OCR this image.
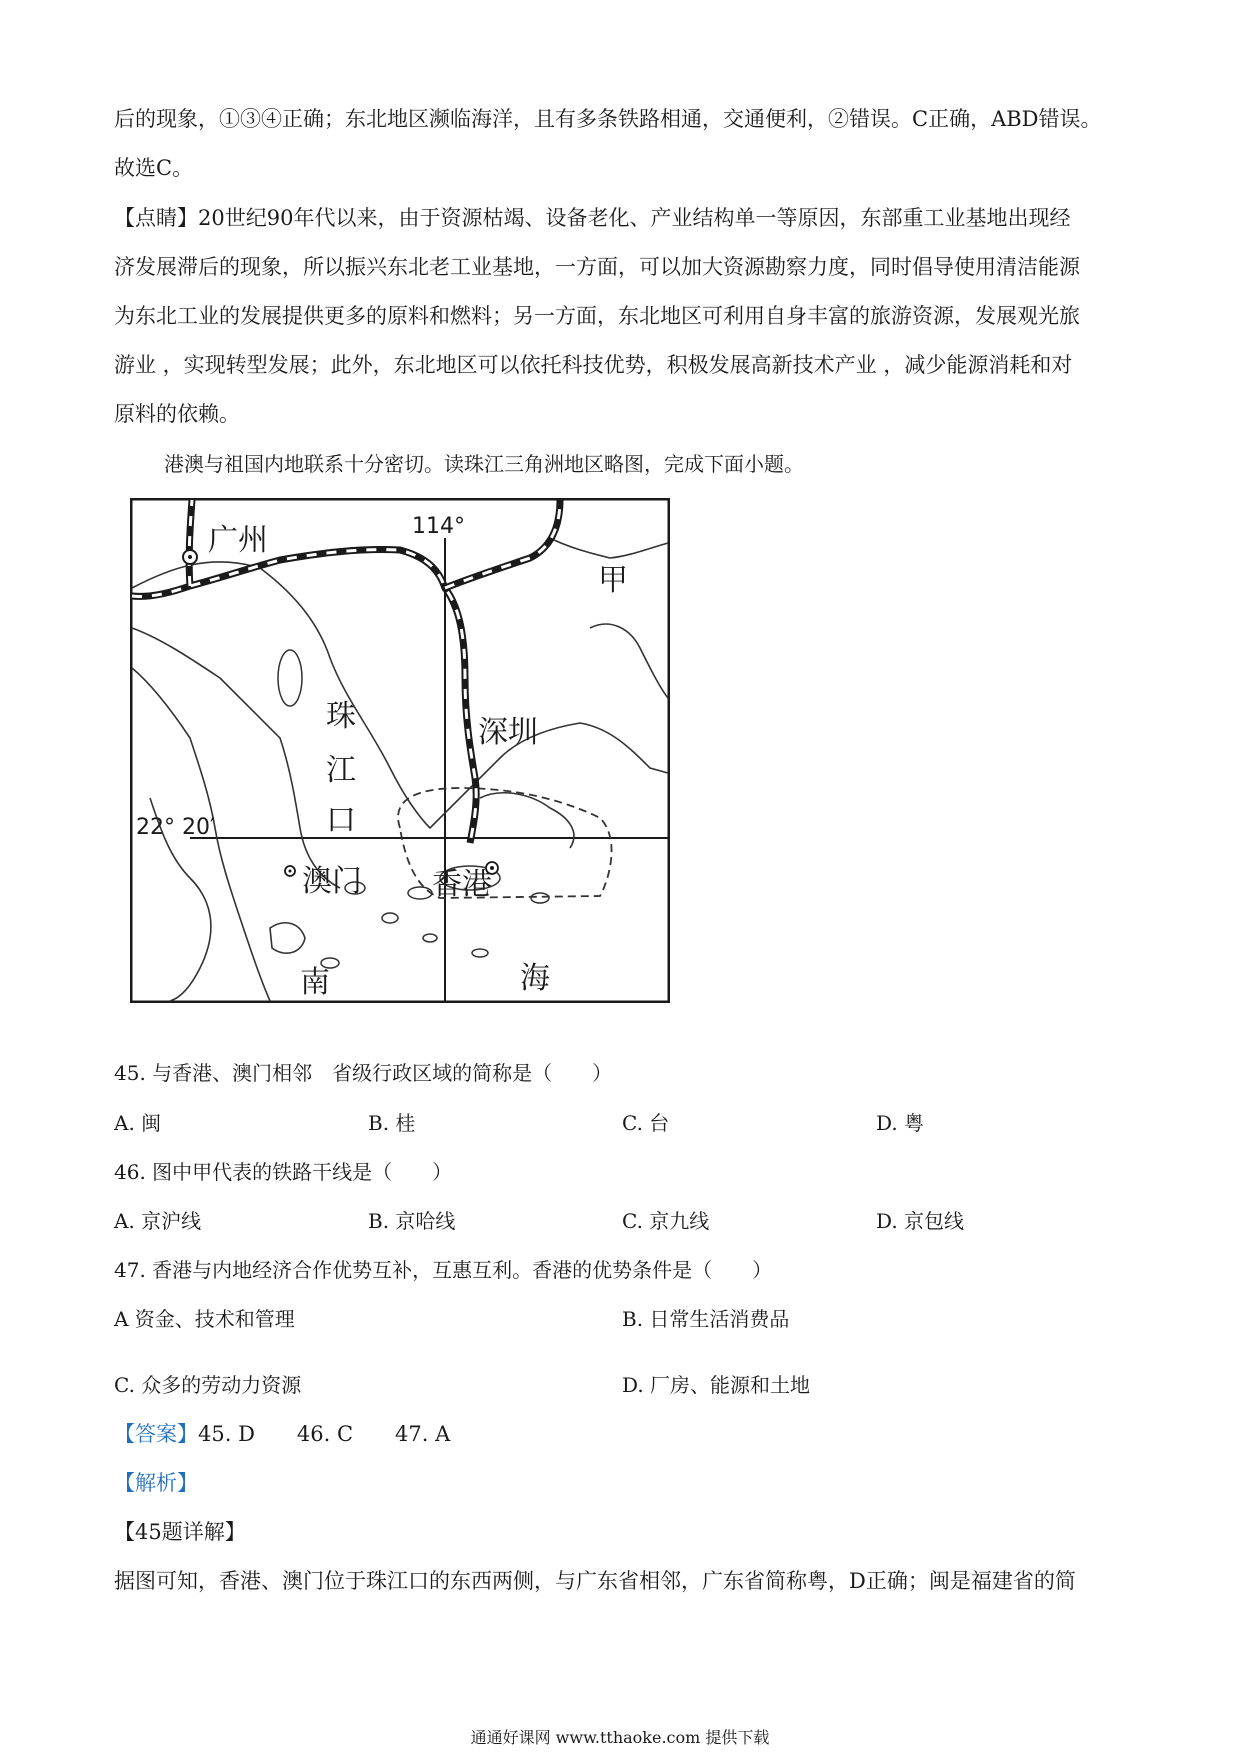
后的现象，①③④正确；东北地区濒临海洋，且有多条铁路相通，交通便利，②错误。C正确，ABD错误。
故选C。
【点睛】20世纪90年代以来，由于资源枯竭、设备老化、产业结构单一等原因，东部重工业基地出现经
济发展滞后的现象，所以振兴东北老工业基地，一方面，可以加大资源勘察力度，同时倡导使用清洁能源
为东北工业的发展提供更多的原料和燃料；另一方面，东北地区可利用自身丰富的旅游资源，发展观光旅
游业 ，实现转型发展；此外，东北地区可以依托科技优势，积极发展高新技术产业 ，减少能源消耗和对
原料的依赖。
港澳与祖国内地联系十分密切。读珠江三角洲地区略图，完成下面小题。
114°
22° 20′
广州
甲
珠
江
口
深圳
澳门 香港
南	海
45. 与香港、澳门相邻　省级行政区域的简称是（　　）
A. 闽	B. 桂	C. 台	D. 粤
46. 图中甲代表的铁路干线是（　　）
A. 京沪线	B. 京哈线	C. 京九线	D. 京包线
47. 香港与内地经济合作优势互补，互惠互利。香港的优势条件是（　　）
A 资金、技术和管理	B. 日常生活消费品
C. 众多的劳动力资源	D. 厂房、能源和土地
【答案】45. D　　46. C　　47. A
【解析】
【45题详解】
据图可知，香港、澳门位于珠江口的东西两侧，与广东省相邻，广东省简称粤，D正确；闽是福建省的简
通通好课网 www.tthaoke.com 提供下载
